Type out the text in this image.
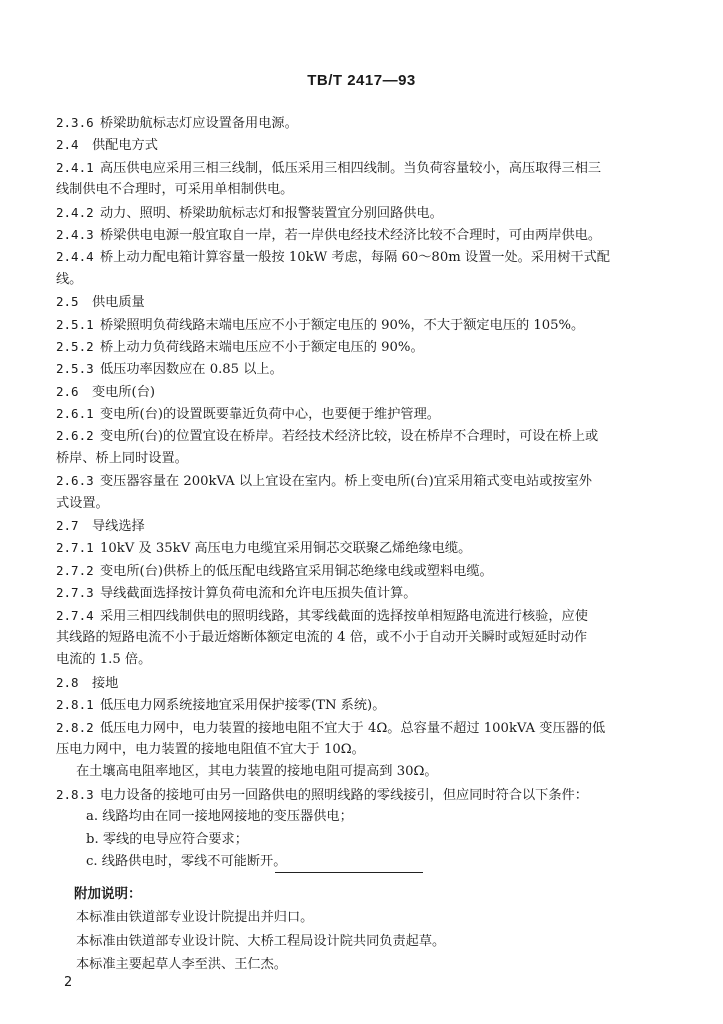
TB/T 2417—93
2.3.6 桥梁助航标志灯应设置备用电源。
2.4 供配电方式
2.4.1 高压供电应采用三相三线制，低压采用三相四线制。当负荷容量较小，高压取得三相三
线制供电不合理时，可采用单相制供电。
2.4.2 动力、照明、桥梁助航标志灯和报警装置宜分别回路供电。
2.4.3 桥梁供电电源一般宜取自一岸，若一岸供电经技术经济比较不合理时，可由两岸供电。
2.4.4 桥上动力配电箱计算容量一般按 10kW 考虑，每隔 60～80m 设置一处。采用树干式配
线。
2.5 供电质量
2.5.1 桥梁照明负荷线路末端电压应不小于额定电压的 90%，不大于额定电压的 105%。
2.5.2 桥上动力负荷线路末端电压应不小于额定电压的 90%。
2.5.3 低压功率因数应在 0.85 以上。
2.6 变电所(台)
2.6.1 变电所(台)的设置既要靠近负荷中心，也要便于维护管理。
2.6.2 变电所(台)的位置宜设在桥岸。若经技术经济比较，设在桥岸不合理时，可设在桥上或
桥岸、桥上同时设置。
2.6.3 变压器容量在 200kVA 以上宜设在室内。桥上变电所(台)宜采用箱式变电站或按室外
式设置。
2.7 导线选择
2.7.1 10kV 及 35kV 高压电力电缆宜采用铜芯交联聚乙烯绝缘电缆。
2.7.2 变电所(台)供桥上的低压配电线路宜采用铜芯绝缘电线或塑料电缆。
2.7.3 导线截面选择按计算负荷电流和允许电压损失值计算。
2.7.4 采用三相四线制供电的照明线路，其零线截面的选择按单相短路电流进行核验，应使
其线路的短路电流不小于最近熔断体额定电流的 4 倍，或不小于自动开关瞬时或短延时动作
电流的 1.5 倍。
2.8 接地
2.8.1 低压电力网系统接地宜采用保护接零(TN 系统)。
2.8.2 低压电力网中，电力装置的接地电阻不宜大于 4Ω。总容量不超过 100kVA 变压器的低
压电力网中，电力装置的接地电阻值不宜大于 10Ω。
在土壤高电阻率地区，其电力装置的接地电阻可提高到 30Ω。
2.8.3 电力设备的接地可由另一回路供电的照明线路的零线接引，但应同时符合以下条件：
a. 线路均由在同一接地网接地的变压器供电；
b. 零线的电导应符合要求；
c. 线路供电时，零线不可能断开。
附加说明：
本标准由铁道部专业设计院提出并归口。
本标准由铁道部专业设计院、大桥工程局设计院共同负责起草。
本标准主要起草人李至洪、王仁杰。
2
